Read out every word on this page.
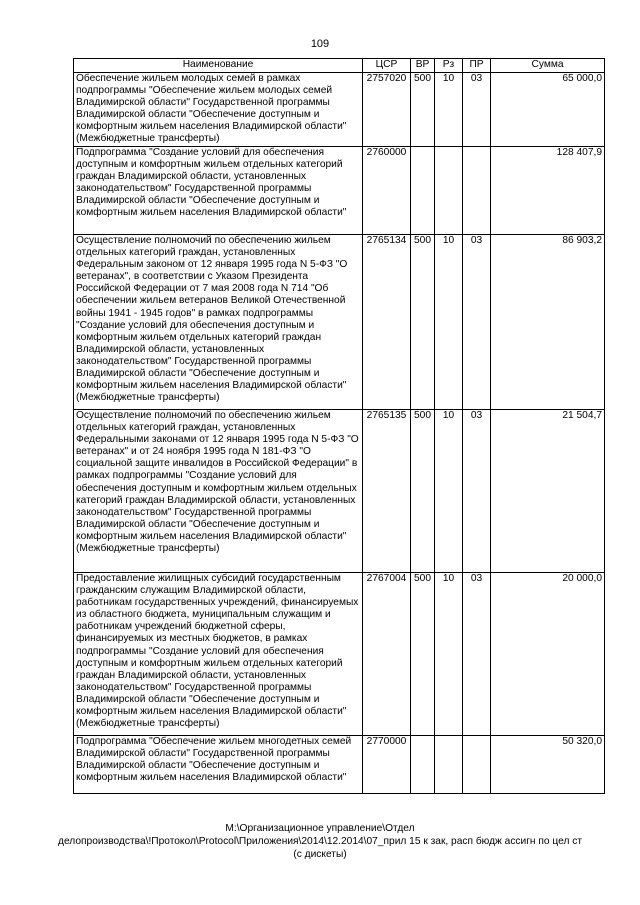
109
Наименование	ЦСР	ВР	Рз	ПР	Сумма
Обеспечение жильем молодых семей в рамках подпрограммы "Обеспечение жильем молодых семей Владимирской области" Государственной программы Владимирской области "Обеспечение доступным и комфортным жильем населения Владимирской области" (Межбюджетные трансферты)	2757020	500	10	03	65 000,0
Подпрограмма "Создание условий для обеспечения доступным и комфортным жильем отдельных категорий граждан Владимирской области, установленных законодательством" Государственной программы Владимирской области "Обеспечение доступным и комфортным жильем населения Владимирской области"	2760000				128 407,9
Осуществление полномочий по обеспечению жильем отдельных категорий граждан, установленных Федеральным законом от 12 января 1995 года N 5-ФЗ "О ветеранах", в соответствии с Указом Президента Российской Федерации от 7 мая 2008 года N 714 "Об обеспечении жильем ветеранов Великой Отечественной войны 1941 - 1945 годов" в рамках подпрограммы "Создание условий для обеспечения доступным и комфортным жильем отдельных категорий граждан Владимирской области, установленных законодательством" Государственной программы Владимирской области "Обеспечение доступным и комфортным жильем населения Владимирской области" (Межбюджетные трансферты)	2765134	500	10	03	86 903,2
Осуществление полномочий по обеспечению жильем отдельных категорий граждан, установленных Федеральными законами от 12 января 1995 года N 5-ФЗ "О ветеранах" и от 24 ноября 1995 года N 181-ФЗ "О социальной защите инвалидов в Российской Федерации" в рамках подпрограммы "Создание условий для обеспечения доступным и комфортным жильем отдельных категорий граждан Владимирской области, установленных законодательством" Государственной программы Владимирской области "Обеспечение доступным и комфортным жильем населения Владимирской области" (Межбюджетные трансферты)	2765135	500	10	03	21 504,7
Предоставление жилищных субсидий государственным гражданским служащим Владимирской области, работникам государственных учреждений, финансируемых из областного бюджета, муниципальным служащим и работникам учреждений бюджетной сферы, финансируемых из местных бюджетов, в рамках подпрограммы "Создание условий для обеспечения доступным и комфортным жильем отдельных категорий граждан Владимирской области, установленных законодательством" Государственной программы Владимирской области "Обеспечение доступным и комфортным жильем населения Владимирской области" (Межбюджетные трансферты)	2767004	500	10	03	20 000,0
Подпрограмма "Обеспечение жильем многодетных семей Владимирской области" Государственной программы Владимирской области "Обеспечение доступным и комфортным жильем населения Владимирской области"	2770000				50 320,0
М:\Организационное управление\Отдел
делопроизводства\!Протокол\Protocol\Приложения\2014\12.2014\07_прил 15 к зак, расп бюдж ассигн по цел ст
(с дискеты)
